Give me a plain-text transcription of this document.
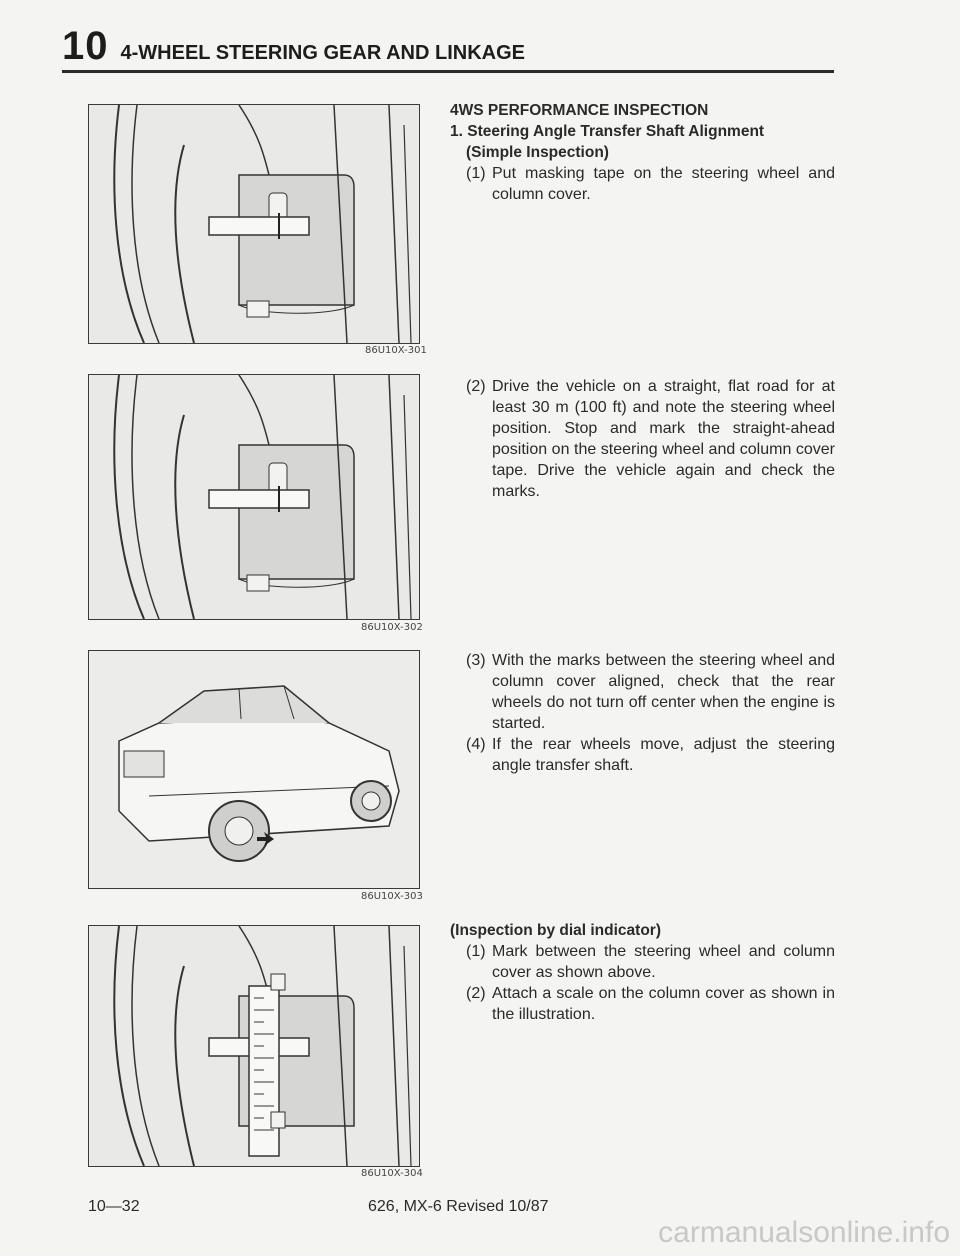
10 4-WHEEL STEERING GEAR AND LINKAGE
86U10X-301
86U10X-302
86U10X-303
86U10X-304

4WS PERFORMANCE INSPECTION

1. Steering Angle Transfer Shaft Alignment

(Simple Inspection)

(1) Put masking tape on the steering wheel and column cover.
(2) Drive the vehicle on a straight, flat road for at least 30 m (100 ft) and note the steering wheel position. Stop and mark the straight-ahead position on the steering wheel and column cover tape. Drive the vehicle again and check the marks.
(3) With the marks between the steering wheel and column cover aligned, check that the rear wheels do not turn off center when the engine is started.
(4) If the rear wheels move, adjust the steering angle transfer shaft.

(Inspection by dial indicator)

(1) Mark between the steering wheel and column cover as shown above.
(2) Attach a scale on the column cover as shown in the illustration.
10—32	626, MX-6 Revised 10/87
carmanualsonline.info
